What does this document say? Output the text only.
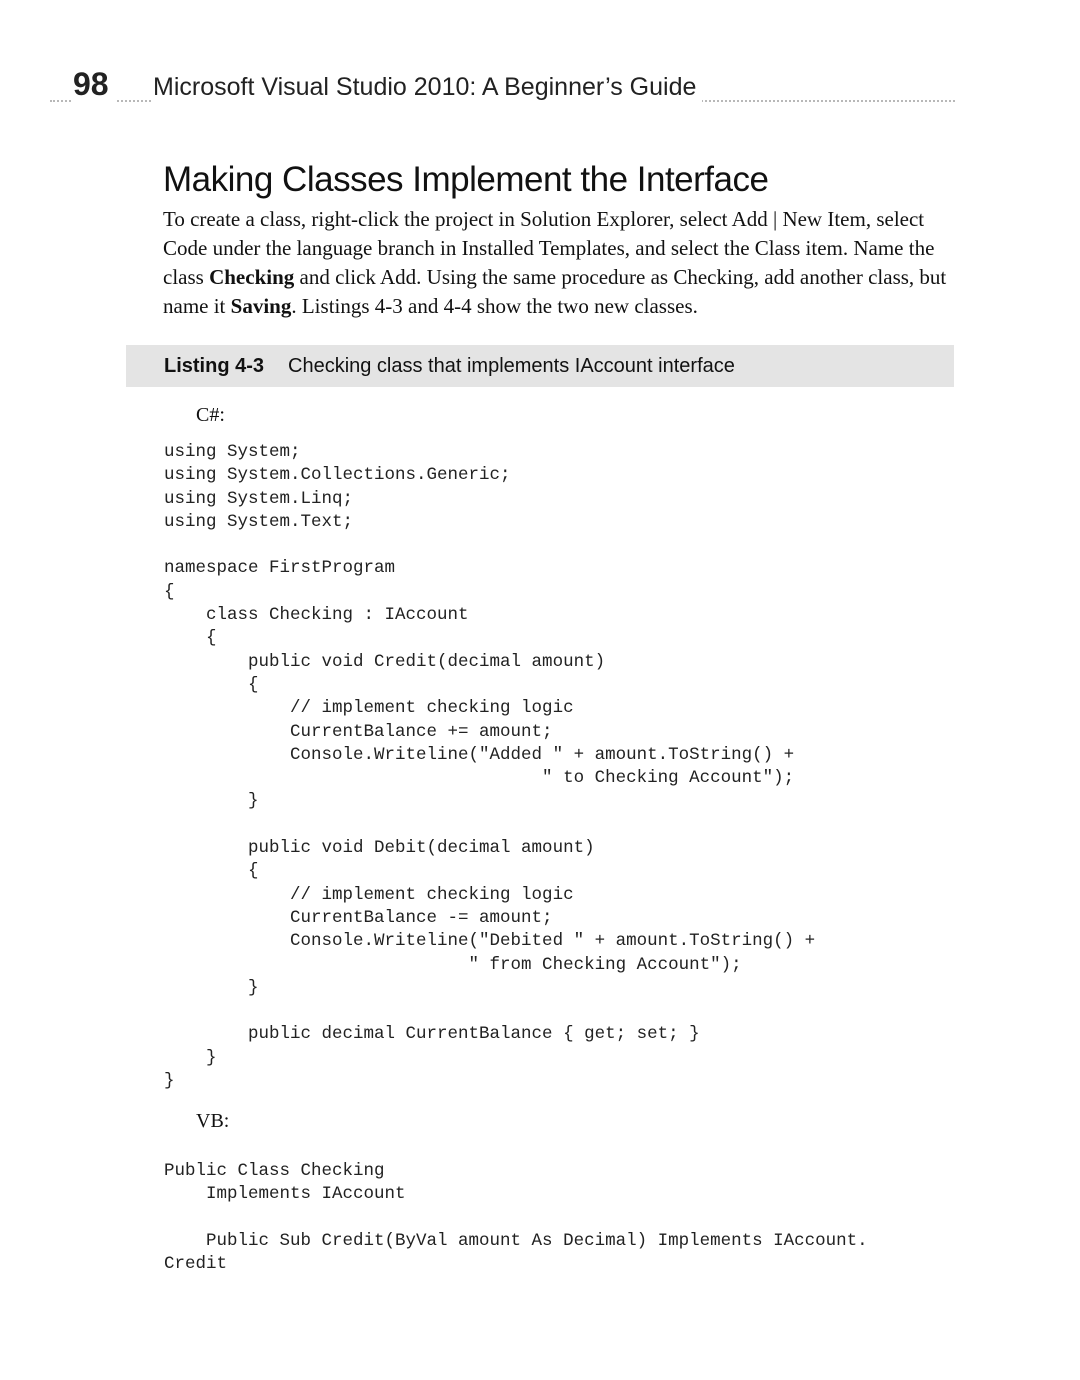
98 Microsoft Visual Studio 2010: A Beginner’s Guide
Making Classes Implement the Interface

To create a class, right-click the project in Solution Explorer, select Add | New Item, select Code under the language branch in Installed Templates, and select the Class item. Name the class Checking and click Add. Using the same procedure as Checking, add another class, but name it Saving. Listings 4-3 and 4-4 show the two new classes.

Listing 4-3 Checking class that implements IAccount interface
C#:
using System;
using System.Collections.Generic;
using System.Linq;
using System.Text;

namespace FirstProgram
{
class Checking : IAccount
{
public void Credit(decimal amount)
{
// implement checking logic
CurrentBalance += amount;
Console.Writeline("Added " + amount.ToString() +
" to Checking Account");
}

public void Debit(decimal amount)
{
// implement checking logic
CurrentBalance -= amount;
Console.Writeline("Debited " + amount.ToString() +
" from Checking Account");
}

public decimal CurrentBalance { get; set; }
}
}
VB:
Public Class Checking
Implements IAccount

Public Sub Credit(ByVal amount As Decimal) Implements IAccount.
Credit
